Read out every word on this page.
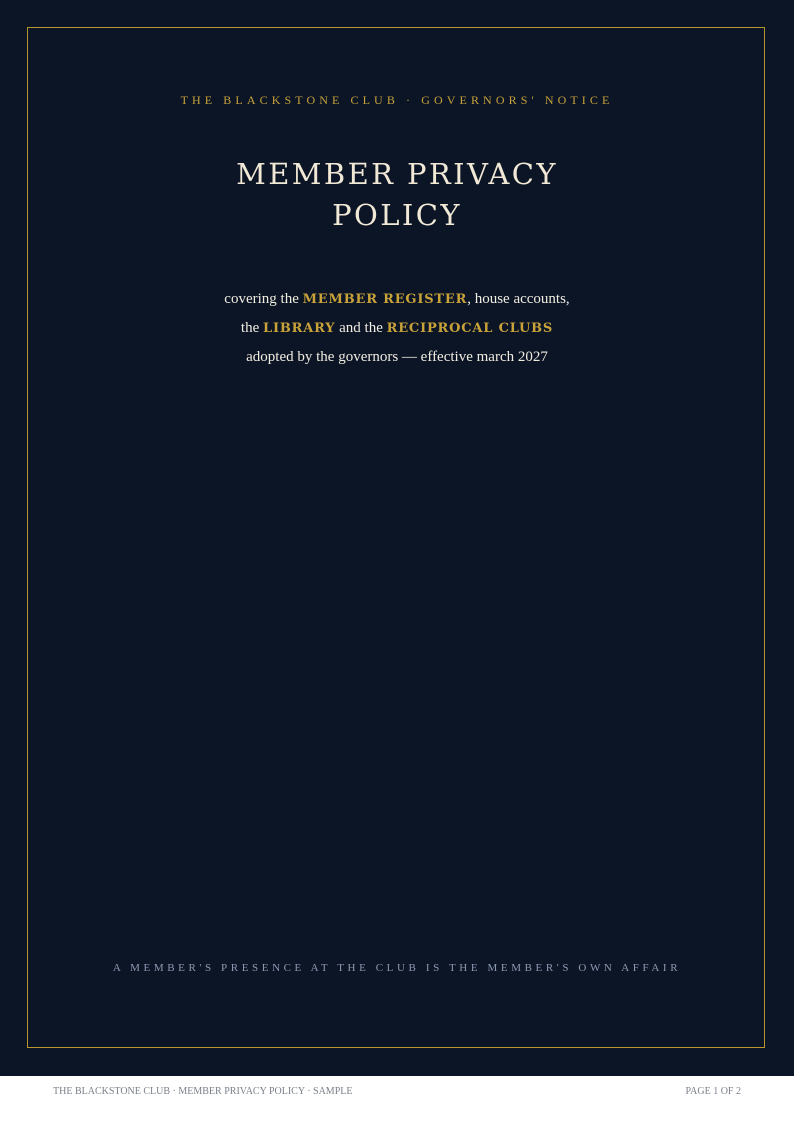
THE BLACKSTONE CLUB · GOVERNORS' NOTICE
MEMBER PRIVACY
POLICY
covering the MEMBER REGISTER, house accounts,
the LIBRARY and the RECIPROCAL CLUBS
adopted by the governors — effective march 2027
A MEMBER'S PRESENCE AT THE CLUB IS THE MEMBER'S OWN AFFAIR
THE BLACKSTONE CLUB · MEMBER PRIVACY POLICY · SAMPLE	PAGE 1 OF 2
